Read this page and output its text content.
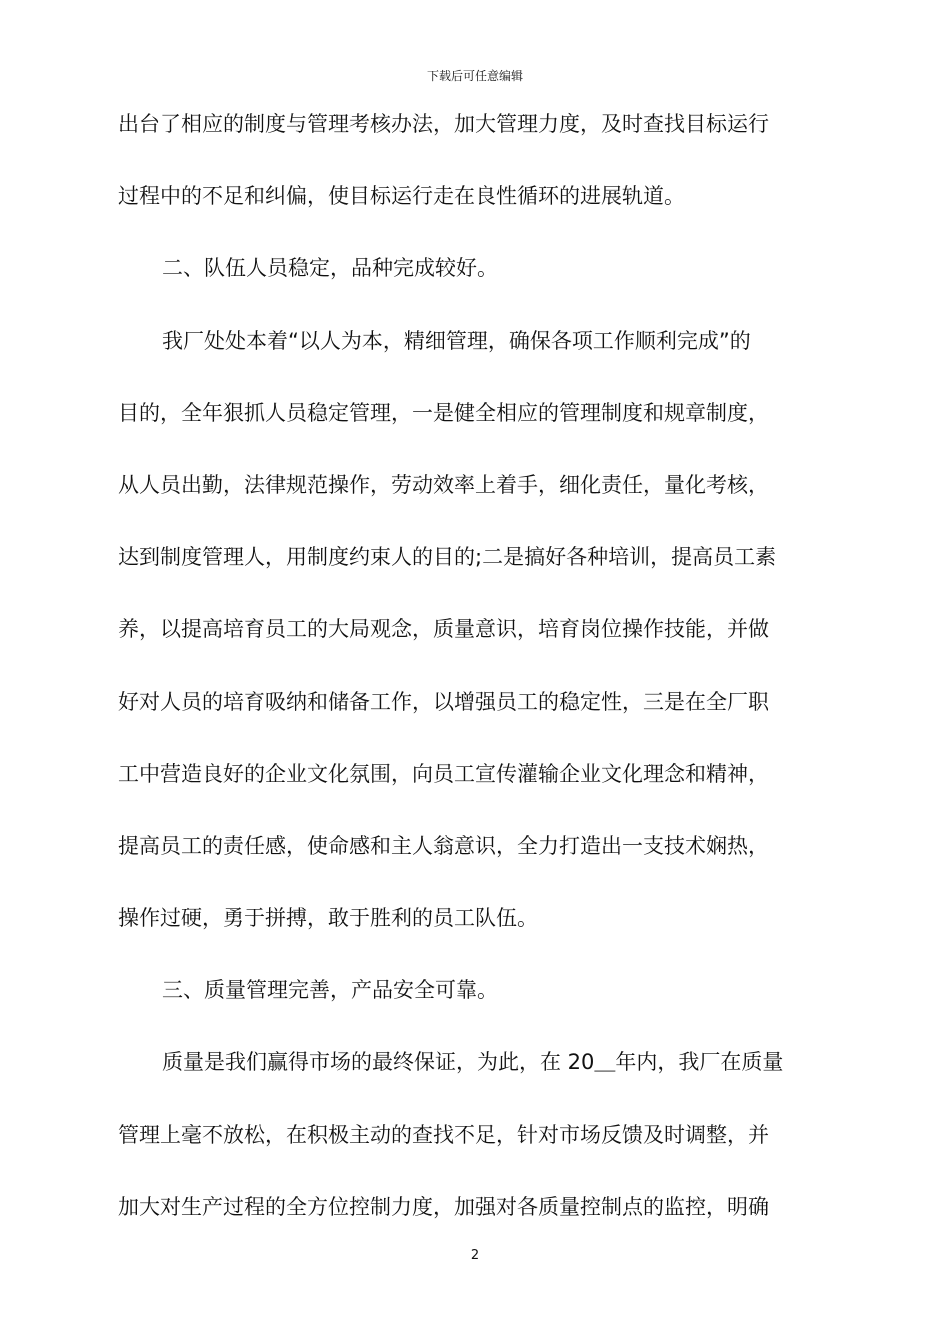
下载后可任意编辑
出台了相应的制度与管理考核办法，加大管理力度，及时查找目标运行
过程中的不足和纠偏，使目标运行走在良性循环的进展轨道。
二、队伍人员稳定，品种完成较好。
我厂处处本着“以人为本，精细管理，确保各项工作顺利完成”的
目的，全年狠抓人员稳定管理，一是健全相应的管理制度和规章制度，
从人员出勤，法律规范操作，劳动效率上着手，细化责任，量化考核，
达到制度管理人，用制度约束人的目的;二是搞好各种培训，提高员工素
养，以提高培育员工的大局观念，质量意识，培育岗位操作技能，并做
好对人员的培育吸纳和储备工作，以增强员工的稳定性，三是在全厂职
工中营造良好的企业文化氛围，向员工宣传灌输企业文化理念和精神，
提高员工的责任感，使命感和主人翁意识，全力打造出一支技术娴热，
操作过硬，勇于拼搏，敢于胜利的员工队伍。
三、质量管理完善，产品安全可靠。
质量是我们赢得市场的最终保证，为此，在 20＿年内，我厂在质量
管理上毫不放松，在积极主动的查找不足，针对市场反馈及时调整，并
加大对生产过程的全方位控制力度，加强对各质量控制点的监控，明确
2
